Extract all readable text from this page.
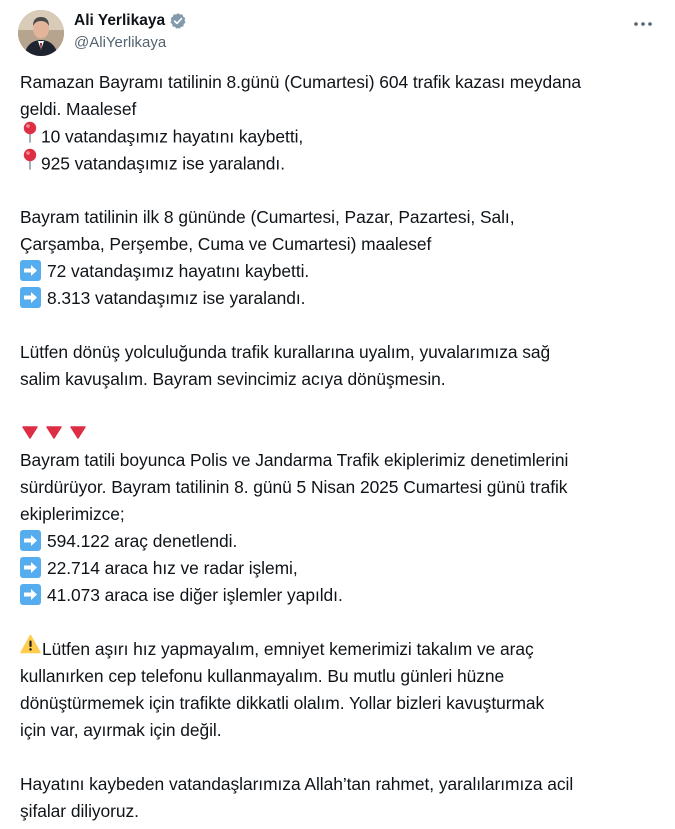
Ali Yerlikaya
@AliYerlikaya
Ramazan Bayramı tatilinin 8.günü (Cumartesi) 604 trafik kazası meydana
geldi. Maalesef
10 vatandaşımız hayatını kaybetti,
925 vatandaşımız ise yaralandı.
Bayram tatilinin ilk 8 gününde (Cumartesi, Pazar, Pazartesi, Salı,
Çarşamba, Perşembe, Cuma ve Cumartesi) maalesef
72 vatandaşımız hayatını kaybetti.
8.313 vatandaşımız ise yaralandı.
Lütfen dönüş yolculuğunda trafik kurallarına uyalım, yuvalarımıza sağ
salim kavuşalım. Bayram sevincimiz acıya dönüşmesin.
Bayram tatili boyunca Polis ve Jandarma Trafik ekiplerimiz denetimlerini
sürdürüyor. Bayram tatilinin 8. günü 5 Nisan 2025 Cumartesi günü trafik
ekiplerimizce;
594.122 araç denetlendi.
22.714 araca hız ve radar işlemi,
41.073 araca ise diğer işlemler yapıldı.
Lütfen aşırı hız yapmayalım, emniyet kemerimizi takalım ve araç
kullanırken cep telefonu kullanmayalım. Bu mutlu günleri hüzne
dönüştürmemek için trafikte dikkatli olalım. Yollar bizleri kavuşturmak
için var, ayırmak için değil.
Hayatını kaybeden vatandaşlarımıza Allah’tan rahmet, yaralılarımıza acil
şifalar diliyoruz.
